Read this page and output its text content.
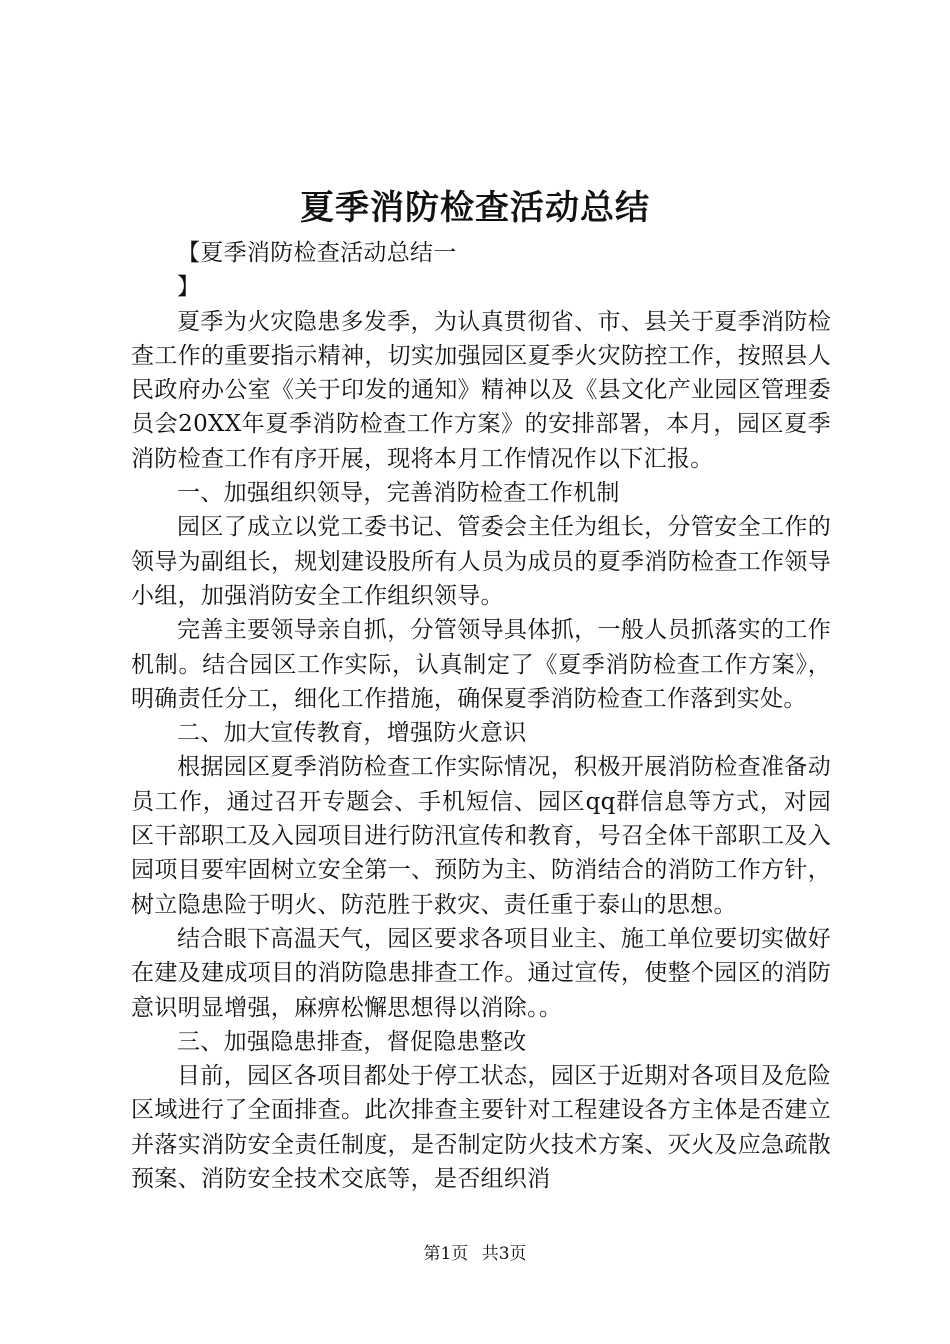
夏季消防检查活动总结

【夏季消防检查活动总结一

】

夏季为火灾隐患多发季，为认真贯彻省、市、县关于夏季消防检查工作的重要指示精神，切实加强园区夏季火灾防控工作，按照县人民政府办公室《关于印发的通知》精神以及《县文化产业园区管理委员会20XX年夏季消防检查工作方案》的安排部署，本月，园区夏季消防检查工作有序开展，现将本月工作情况作以下汇报。

一、加强组织领导，完善消防检查工作机制

园区了成立以党工委书记、管委会主任为组长，分管安全工作的领导为副组长，规划建设股所有人员为成员的夏季消防检查工作领导小组，加强消防安全工作组织领导。

完善主要领导亲自抓，分管领导具体抓，一般人员抓落实的工作机制。结合园区工作实际，认真制定了《夏季消防检查工作方案》，明确责任分工，细化工作措施，确保夏季消防检查工作落到实处。

二、加大宣传教育，增强防火意识

根据园区夏季消防检查工作实际情况，积极开展消防检查准备动员工作，通过召开专题会、手机短信、园区qq群信息等方式，对园区干部职工及入园项目进行防汛宣传和教育，号召全体干部职工及入园项目要牢固树立安全第一、预防为主、防消结合的消防工作方针，树立隐患险于明火、防范胜于救灾、责任重于泰山的思想。

结合眼下高温天气，园区要求各项目业主、施工单位要切实做好在建及建成项目的消防隐患排查工作。通过宣传，使整个园区的消防意识明显增强，麻痹松懈思想得以消除。。

三、加强隐患排查，督促隐患整改

目前，园区各项目都处于停工状态，园区于近期对各项目及危险区域进行了全面排查。此次排查主要针对工程建设各方主体是否建立并落实消防安全责任制度，是否制定防火技术方案、灭火及应急疏散预案、消防安全技术交底等，是否组织消

第1页 共3页
